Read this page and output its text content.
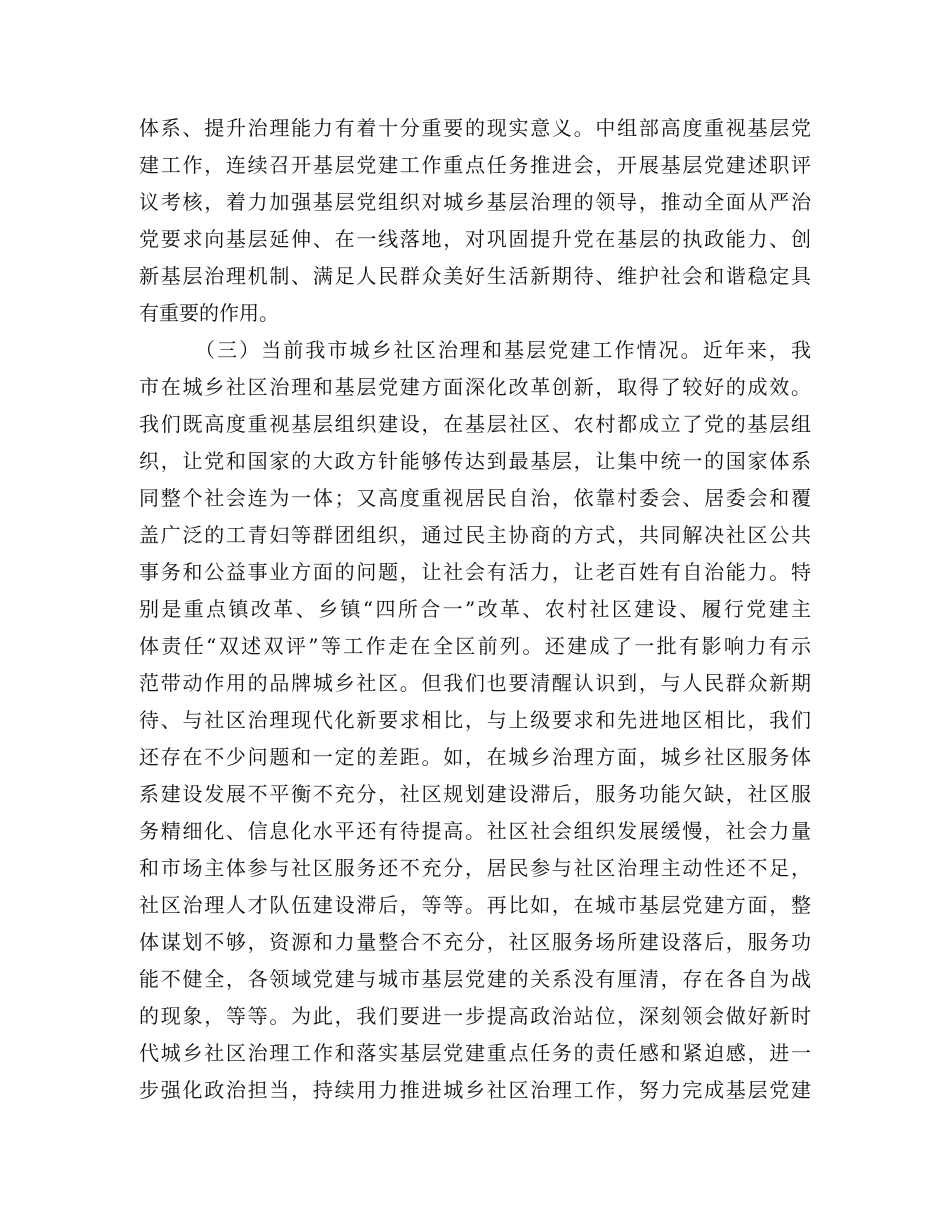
体系、提升治理能力有着十分重要的现实意义。中组部高度重视基层党
建工作，连续召开基层党建工作重点任务推进会，开展基层党建述职评
议考核，着力加强基层党组织对城乡基层治理的领导，推动全面从严治
党要求向基层延伸、在一线落地，对巩固提升党在基层的执政能力、创
新基层治理机制、满足人民群众美好生活新期待、维护社会和谐稳定具
有重要的作用。
（三）当前我市城乡社区治理和基层党建工作情况。近年来，我
市在城乡社区治理和基层党建方面深化改革创新，取得了较好的成效。
我们既高度重视基层组织建设，在基层社区、农村都成立了党的基层组
织，让党和国家的大政方针能够传达到最基层，让集中统一的国家体系
同整个社会连为一体；又高度重视居民自治，依靠村委会、居委会和覆
盖广泛的工青妇等群团组织，通过民主协商的方式，共同解决社区公共
事务和公益事业方面的问题，让社会有活力，让老百姓有自治能力。特
别是重点镇改革、乡镇“四所合一”改革、农村社区建设、履行党建主
体责任“双述双评”等工作走在全区前列。还建成了一批有影响力有示
范带动作用的品牌城乡社区。但我们也要清醒认识到，与人民群众新期
待、与社区治理现代化新要求相比，与上级要求和先进地区相比，我们
还存在不少问题和一定的差距。如，在城乡治理方面，城乡社区服务体
系建设发展不平衡不充分，社区规划建设滞后，服务功能欠缺，社区服
务精细化、信息化水平还有待提高。社区社会组织发展缓慢，社会力量
和市场主体参与社区服务还不充分，居民参与社区治理主动性还不足，
社区治理人才队伍建设滞后，等等。再比如，在城市基层党建方面，整
体谋划不够，资源和力量整合不充分，社区服务场所建设落后，服务功
能不健全，各领域党建与城市基层党建的关系没有厘清，存在各自为战
的现象，等等。为此，我们要进一步提高政治站位，深刻领会做好新时
代城乡社区治理工作和落实基层党建重点任务的责任感和紧迫感，进一
步强化政治担当，持续用力推进城乡社区治理工作，努力完成基层党建
